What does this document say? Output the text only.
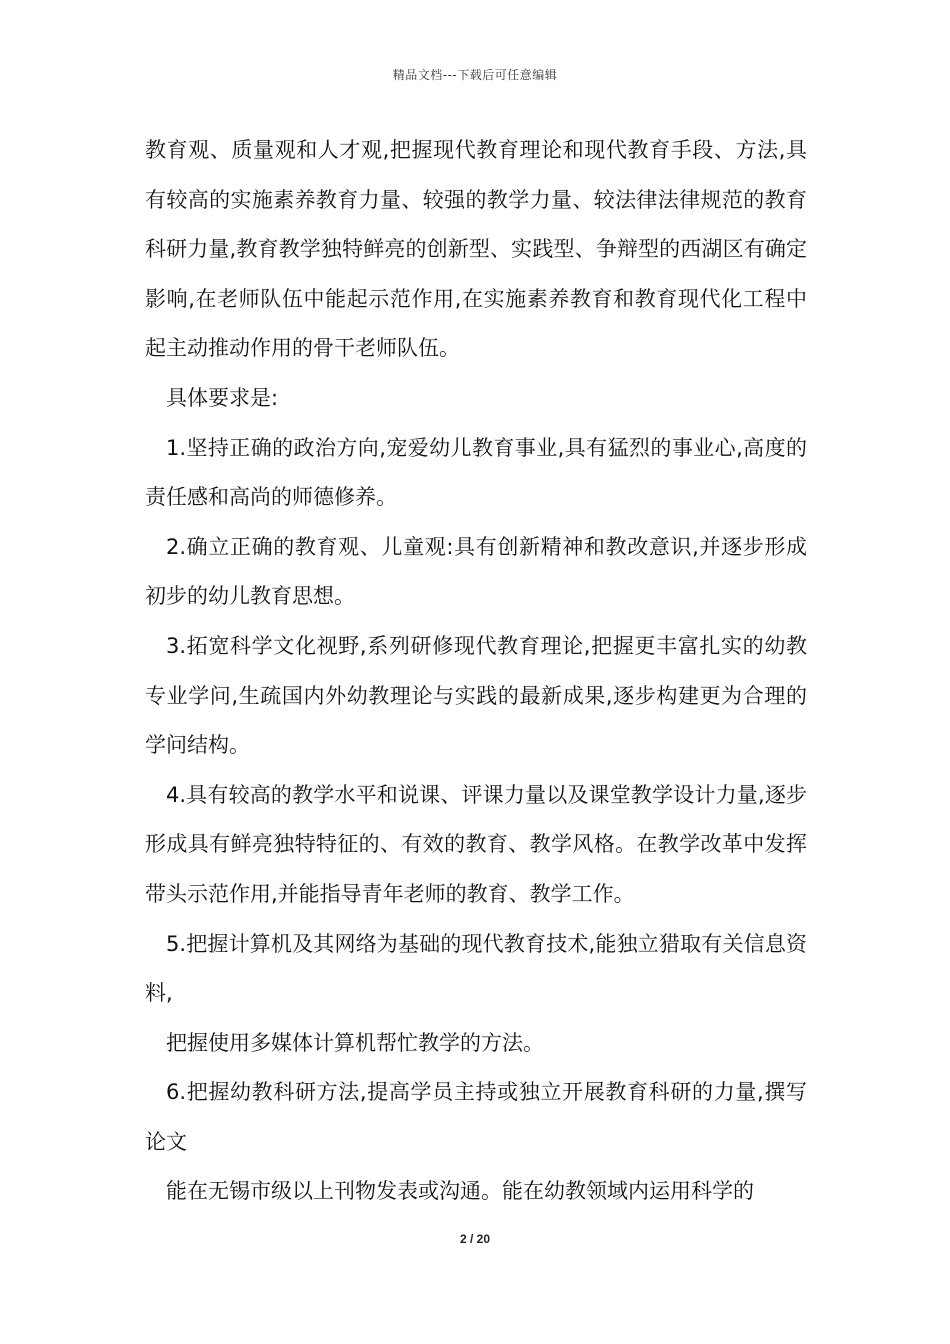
精品文档---下载后可任意编辑

教育观、质量观和人才观,把握现代教育理论和现代教育手段、方法,具有较高的实施素养教育力量、较强的教学力量、较法律法律规范的教育科研力量,教育教学独特鲜亮的创新型、实践型、争辩型的西湖区有确定影响,在老师队伍中能起示范作用,在实施素养教育和教育现代化工程中起主动推动作用的骨干老师队伍。

具体要求是:

1.坚持正确的政治方向,宠爱幼儿教育事业,具有猛烈的事业心,高度的责任感和高尚的师德修养。

2.确立正确的教育观、儿童观:具有创新精神和教改意识,并逐步形成初步的幼儿教育思想。

3.拓宽科学文化视野,系列研修现代教育理论,把握更丰富扎实的幼教专业学问,生疏国内外幼教理论与实践的最新成果,逐步构建更为合理的学问结构。

4.具有较高的教学水平和说课、评课力量以及课堂教学设计力量,逐步形成具有鲜亮独特特征的、有效的教育、教学风格。在教学改革中发挥带头示范作用,并能指导青年老师的教育、教学工作。

5.把握计算机及其网络为基础的现代教育技术,能独立猎取有关信息资料,

把握使用多媒体计算机帮忙教学的方法。

6.把握幼教科研方法,提高学员主持或独立开展教育科研的力量,撰写论文

能在无锡市级以上刊物发表或沟通。能在幼教领域内运用科学的

2 / 20
